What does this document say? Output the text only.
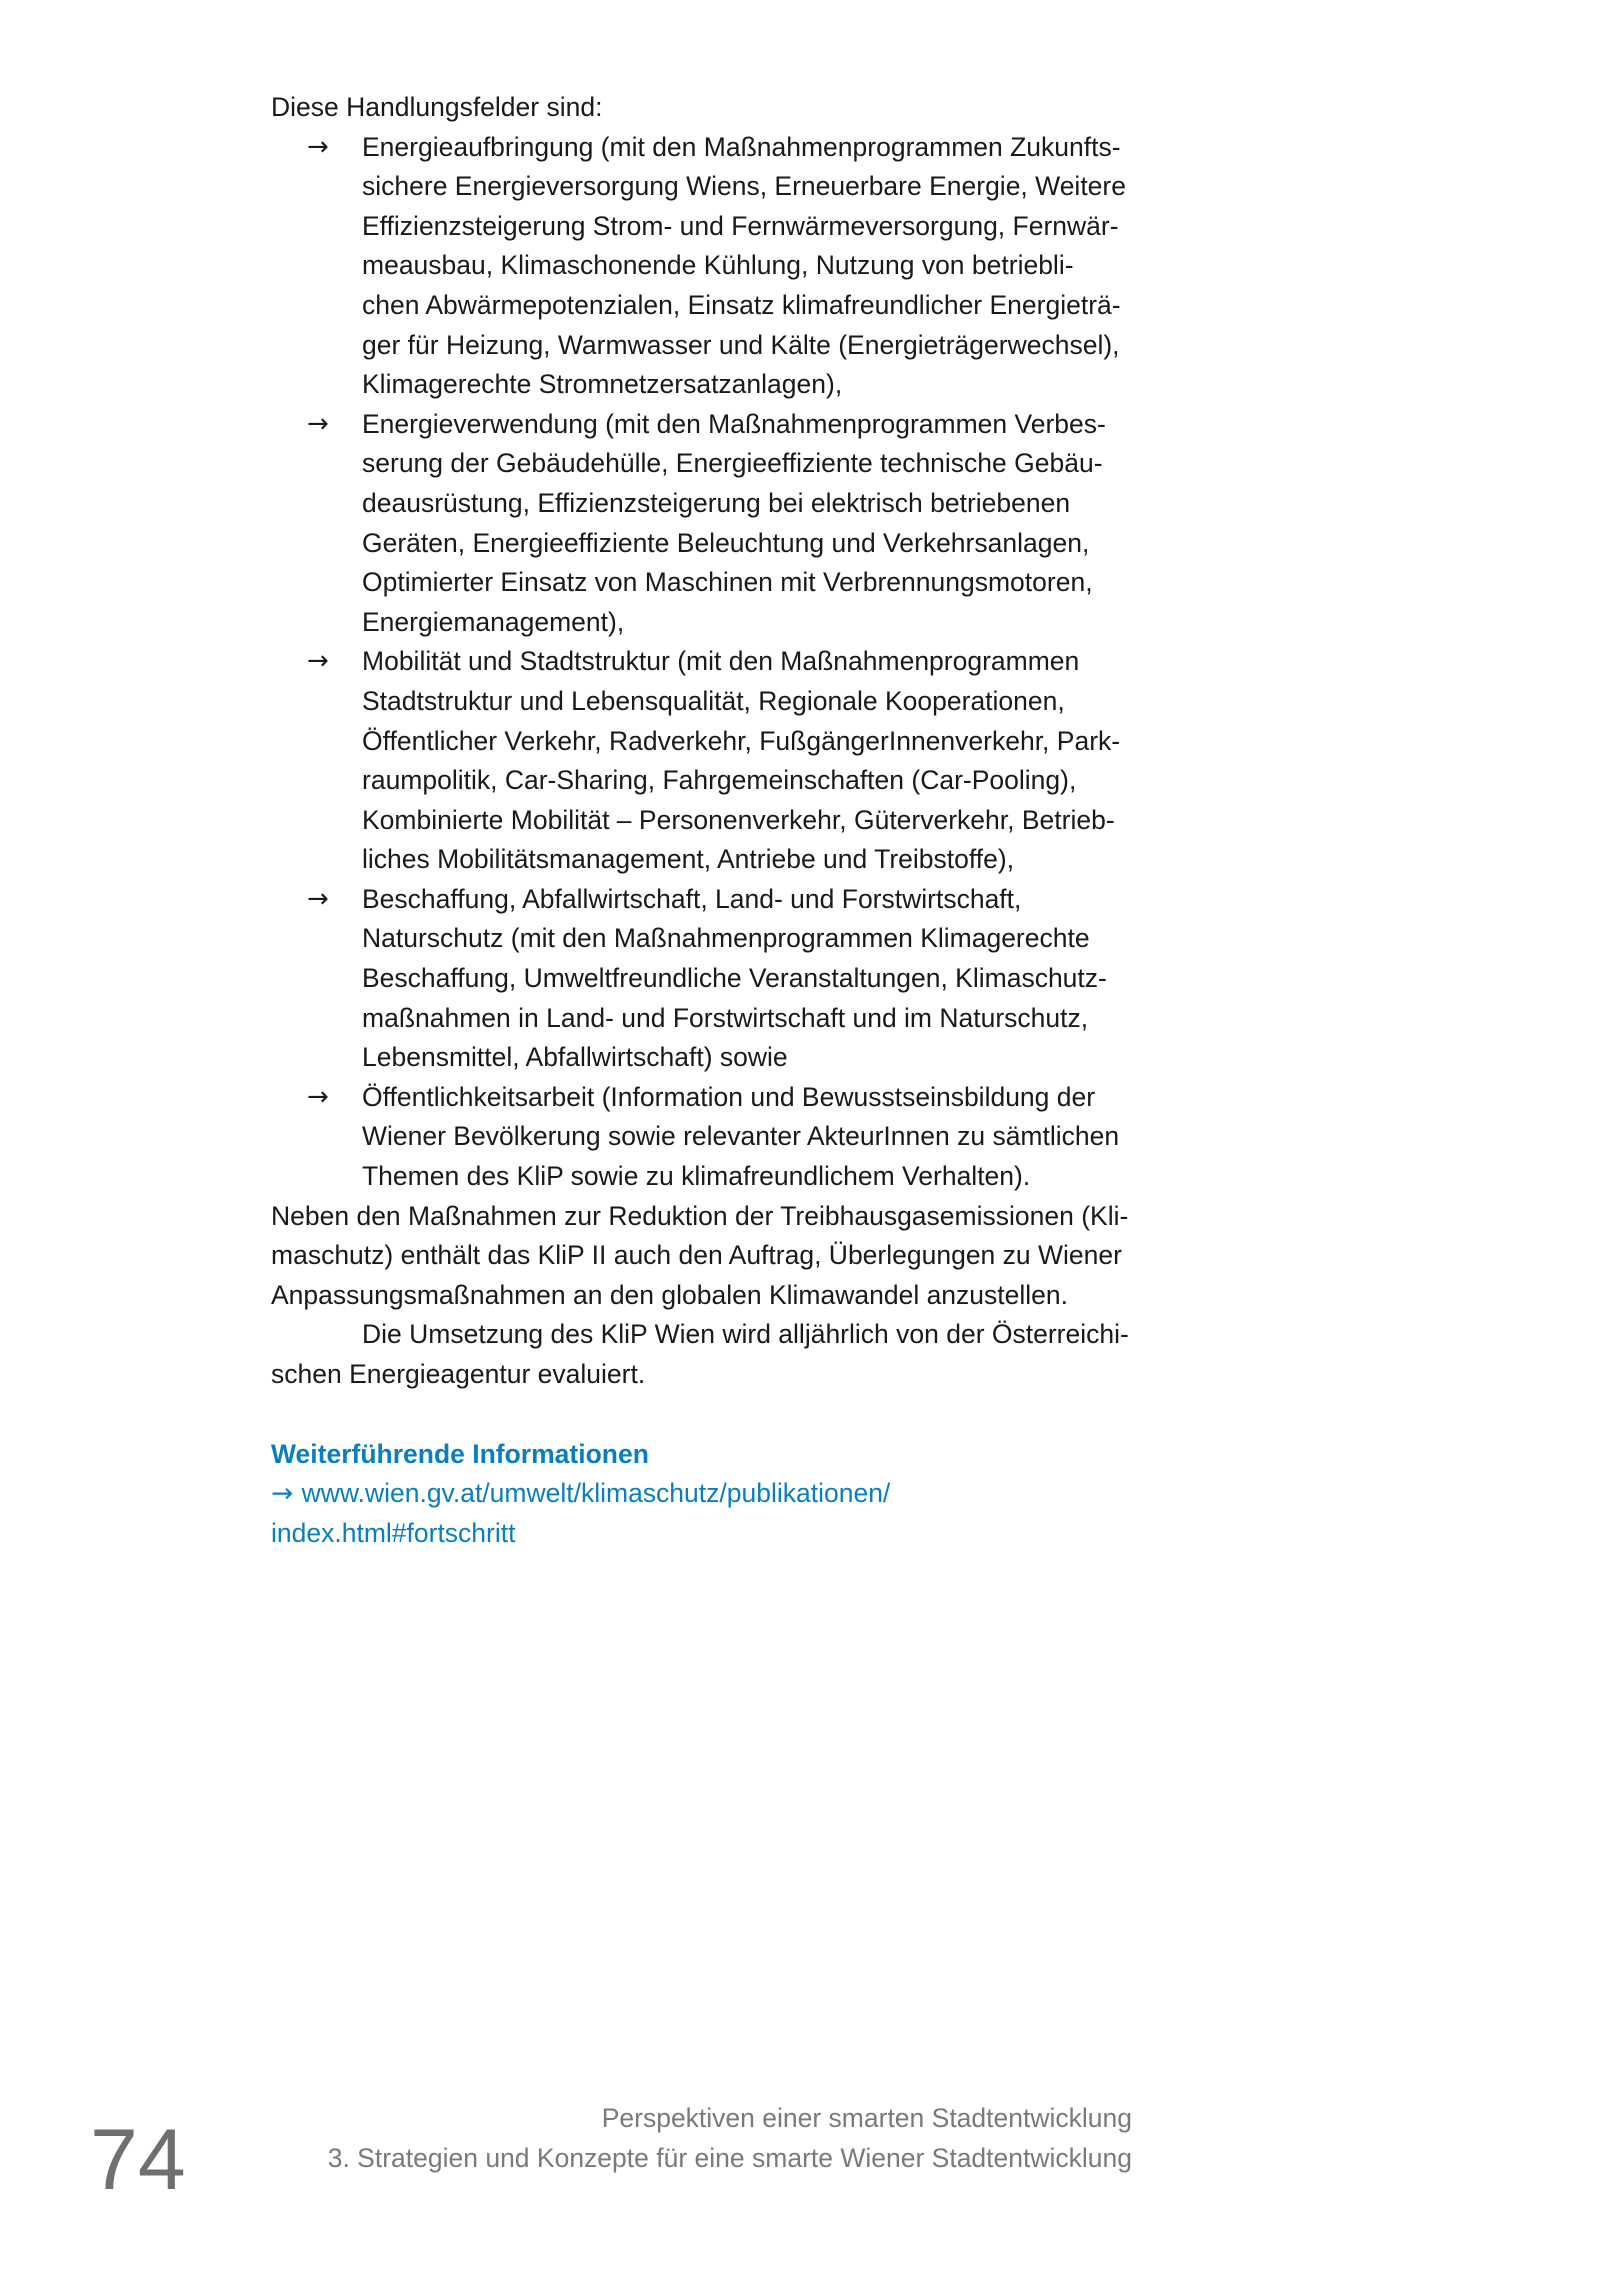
Diese Handlungsfelder sind:

→	Energieaufbringung (mit den Maßnahmenprogrammen Zukunfts-
sichere Energieversorgung Wiens, Erneuerbare Energie, Weitere
Effizienzsteigerung Strom- und Fernwärmeversorgung, Fernwär-
meausbau, Klimaschonende Kühlung, Nutzung von betriebli-
chen Abwärmepotenzialen, Einsatz klimafreundlicher Energieträ-
ger für Heizung, Warmwasser und Kälte (Energieträgerwechsel),
Klimagerechte Stromnetzersatzanlagen),
→	Energieverwendung (mit den Maßnahmenprogrammen Verbes-
serung der Gebäudehülle, Energieeffiziente technische Gebäu-
deausrüstung, Effizienzsteigerung bei elektrisch betriebenen
Geräten, Energieeffiziente Beleuchtung und Verkehrsanlagen,
Optimierter Einsatz von Maschinen mit Verbrennungsmotoren,
Energiemanagement),
→	Mobilität und Stadtstruktur (mit den Maßnahmenprogrammen
Stadtstruktur und Lebensqualität, Regionale Kooperationen,
Öffentlicher Verkehr, Radverkehr, FußgängerInnenverkehr, Park-
raumpolitik, Car-Sharing, Fahrgemeinschaften (Car-Pooling),
Kombinierte Mobilität – Personenverkehr, Güterverkehr, Betrieb-
liches Mobilitätsmanagement, Antriebe und Treibstoffe),
→	Beschaffung, Abfallwirtschaft, Land- und Forstwirtschaft,
Naturschutz (mit den Maßnahmenprogrammen Klimagerechte
Beschaffung, Umweltfreundliche Veranstaltungen, Klimaschutz-
maßnahmen in Land- und Forstwirtschaft und im Naturschutz,
Lebensmittel, Abfallwirtschaft) sowie
→	Öffentlichkeitsarbeit (Information und Bewusstseinsbildung der
Wiener Bevölkerung sowie relevanter AkteurInnen zu sämtlichen
Themen des KliP sowie zu klimafreundlichem Verhalten).

Neben den Maßnahmen zur Reduktion der Treibhausgasemissionen (Kli-
maschutz) enthält das KliP II auch den Auftrag, Überlegungen zu Wiener
Anpassungsmaßnahmen an den globalen Klimawandel anzustellen.

Die Umsetzung des KliP Wien wird alljährlich von der Österreichi-
schen Energieagentur evaluiert.

Weiterführende Informationen

→ www.wien.gv.at/umwelt/klimaschutz/publikationen/
index.html#fortschritt
74	Perspektiven einer smarten Stadtentwicklung

3. Strategien und Konzepte für eine smarte Wiener Stadtentwicklung
